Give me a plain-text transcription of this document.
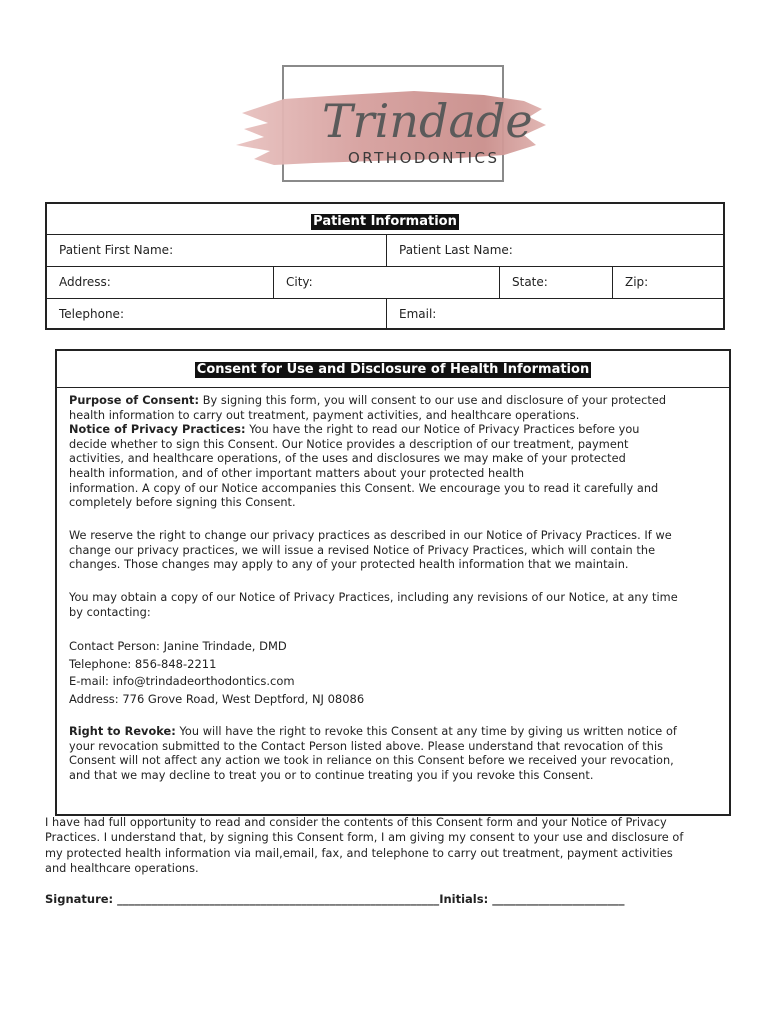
Trindade
ORTHODONTICS
Patient Information
Patient First Name:	Patient Last Name:
Address:	City:	State:	Zip:
Telephone:	Email:
Consent for Use and Disclosure of Health Information
Purpose of Consent: By signing this form, you will consent to our use and disclosure of your protected
health information to carry out treatment, payment activities, and healthcare operations.
Notice of Privacy Practices: You have the right to read our Notice of Privacy Practices before you
decide whether to sign this Consent. Our Notice provides a description of our treatment, payment
activities, and healthcare operations, of the uses and disclosures we may make of your protected
health information, and of other important matters about your protected health
information. A copy of our Notice accompanies this Consent. We encourage you to read it carefully and
completely before signing this Consent.
We reserve the right to change our privacy practices as described in our Notice of Privacy Practices. If we
change our privacy practices, we will issue a revised Notice of Privacy Practices, which will contain the
changes. Those changes may apply to any of your protected health information that we maintain.
You may obtain a copy of our Notice of Privacy Practices, including any revisions of our Notice, at any time
by contacting:
Contact Person: Janine Trindade, DMD
Telephone: 856-848-2211
E-mail: info@trindadeorthodontics.com
Address: 776 Grove Road, West Deptford, NJ 08086
Right to Revoke: You will have the right to revoke this Consent at any time by giving us written notice of
your revocation submitted to the Contact Person listed above. Please understand that revocation of this
Consent will not affect any action we took in reliance on this Consent before we received your revocation,
and that we may decline to treat you or to continue treating you if you revoke this Consent.
I have had full opportunity to read and consider the contents of this Consent form and your Notice of Privacy
Practices. I understand that, by signing this Consent form, I am giving my consent to your use and disclosure of
my protected health information via mail,email, fax, and telephone to carry out treatment, payment activities
and healthcare operations.
Signature: ________________________________________________________Initials: _______________________
